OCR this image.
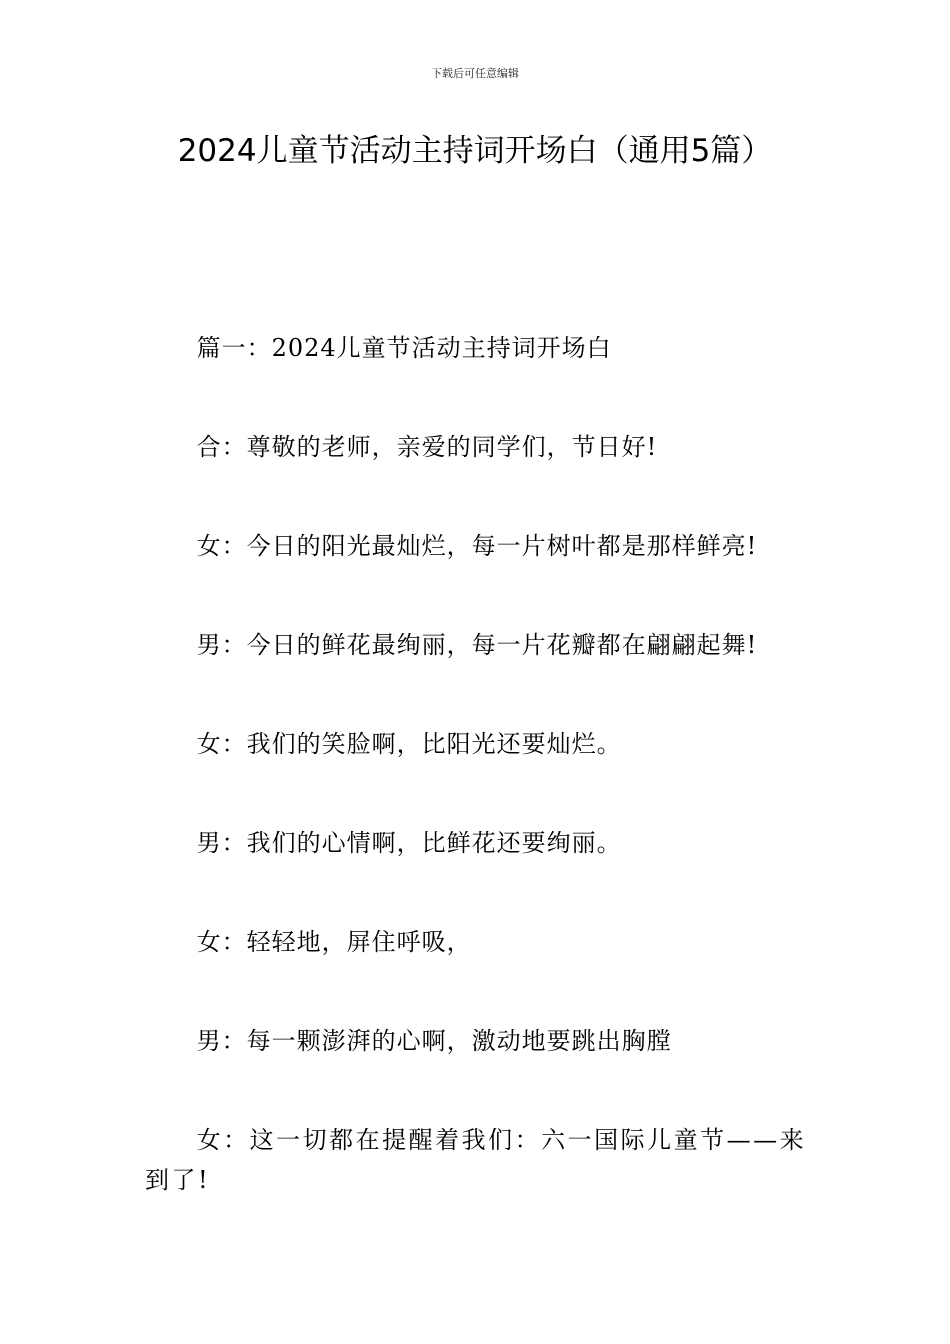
下载后可任意编辑
2024儿童节活动主持词开场白（通用5篇）

篇一：2024儿童节活动主持词开场白

合：尊敬的老师，亲爱的同学们，节日好!

女：今日的阳光最灿烂，每一片树叶都是那样鲜亮!

男：今日的鲜花最绚丽，每一片花瓣都在翩翩起舞!

女：我们的笑脸啊，比阳光还要灿烂。

男：我们的心情啊，比鲜花还要绚丽。

女：轻轻地，屏住呼吸，

男：每一颗澎湃的心啊，激动地要跳出胸膛

女：这一切都在提醒着我们：六一国际儿童节——来到了!
